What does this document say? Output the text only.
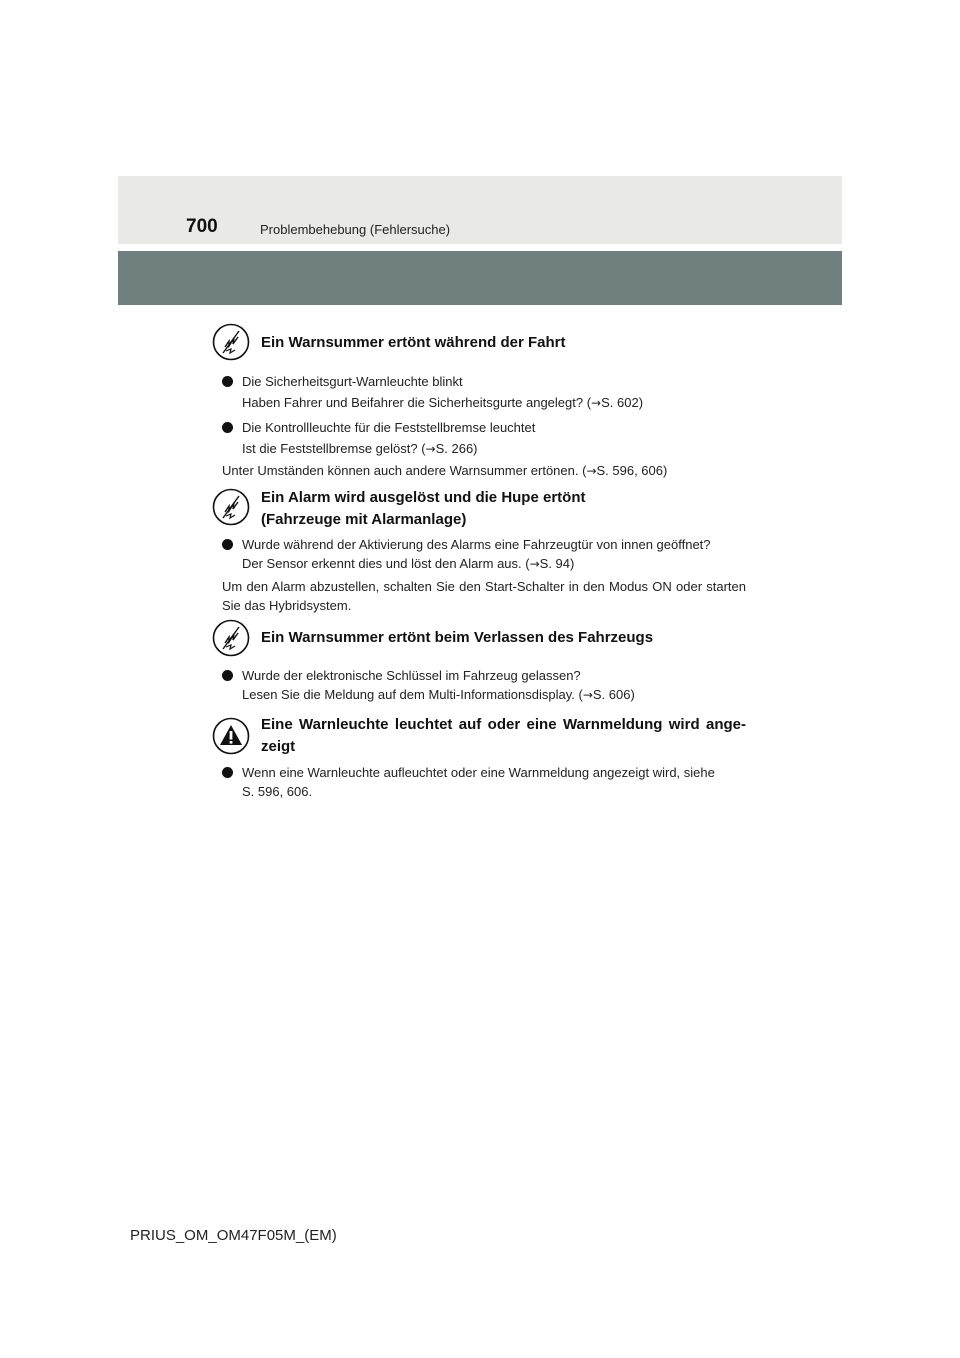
700	Problembehebung (Fehlersuche)
Ein Warnsummer ertönt während der Fahrt
Die Sicherheitsgurt-Warnleuchte blinkt
Haben Fahrer und Beifahrer die Sicherheitsgurte angelegt? (→S. 602)
Die Kontrollleuchte für die Feststellbremse leuchtet
Ist die Feststellbremse gelöst? (→S. 266)
Unter Umständen können auch andere Warnsummer ertönen. (→S. 596, 606)
Ein Alarm wird ausgelöst und die Hupe ertönt
(Fahrzeuge mit Alarmanlage)
Wurde während der Aktivierung des Alarms eine Fahrzeugtür von innen geöffnet?
Der Sensor erkennt dies und löst den Alarm aus. (→S. 94)
Um den Alarm abzustellen, schalten Sie den Start-Schalter in den Modus ON oder starten Sie das Hybridsystem.
Ein Warnsummer ertönt beim Verlassen des Fahrzeugs
Wurde der elektronische Schlüssel im Fahrzeug gelassen?
Lesen Sie die Meldung auf dem Multi-Informationsdisplay. (→S. 606)
Eine Warnleuchte leuchtet auf oder eine Warnmeldung wird ange-zeigt
Wenn eine Warnleuchte aufleuchtet oder eine Warnmeldung angezeigt wird, siehe
S. 596, 606.
PRIUS_OM_OM47F05M_(EM)
